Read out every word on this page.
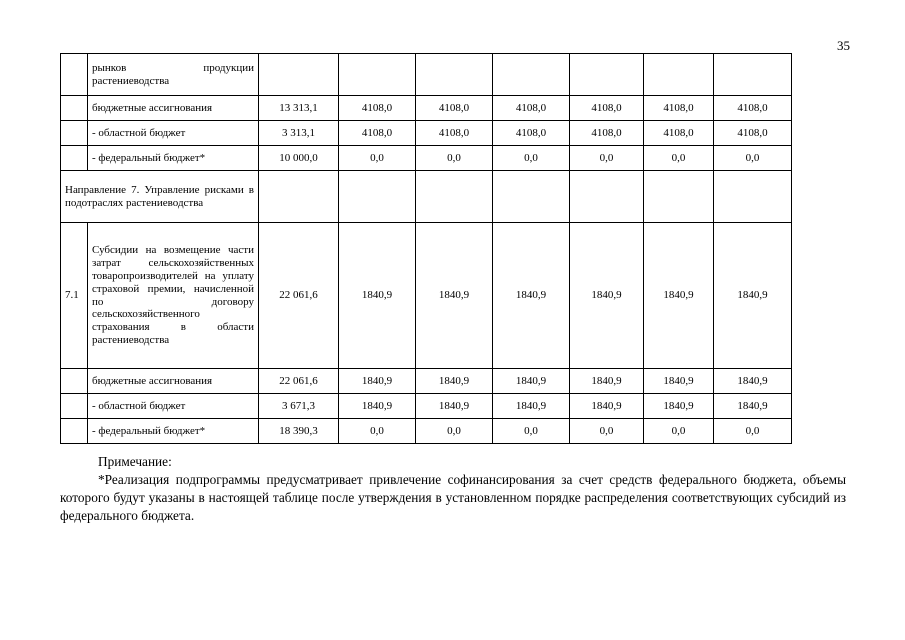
35
	рынков продукции растениеводства							
	бюджетные ассигнования	13 313,1	4108,0	4108,0	4108,0	4108,0	4108,0	4108,0
	- областной бюджет	3 313,1	4108,0	4108,0	4108,0	4108,0	4108,0	4108,0
	- федеральный бюджет*	10 000,0	0,0	0,0	0,0	0,0	0,0	0,0
Направление 7. Управление рисками в подотраслях растениеводства								
7.1	Субсидии на возмещение части затрат сельскохозяйственных товаропроизводителей на уплату страховой премии, начисленной по договору сельскохозяйственного страхования в области растениеводства	22 061,6	1840,9	1840,9	1840,9	1840,9	1840,9	1840,9
	бюджетные ассигнования	22 061,6	1840,9	1840,9	1840,9	1840,9	1840,9	1840,9
	- областной бюджет	3 671,3	1840,9	1840,9	1840,9	1840,9	1840,9	1840,9
	- федеральный бюджет*	18 390,3	0,0	0,0	0,0	0,0	0,0	0,0
Примечание:

*Реализация подпрограммы предусматривает привлечение софинансирования за счет средств федерального бюджета, объемы которого будут указаны в настоящей таблице после утверждения в установленном порядке распределения соответствующих субсидий из федерального бюджета.
